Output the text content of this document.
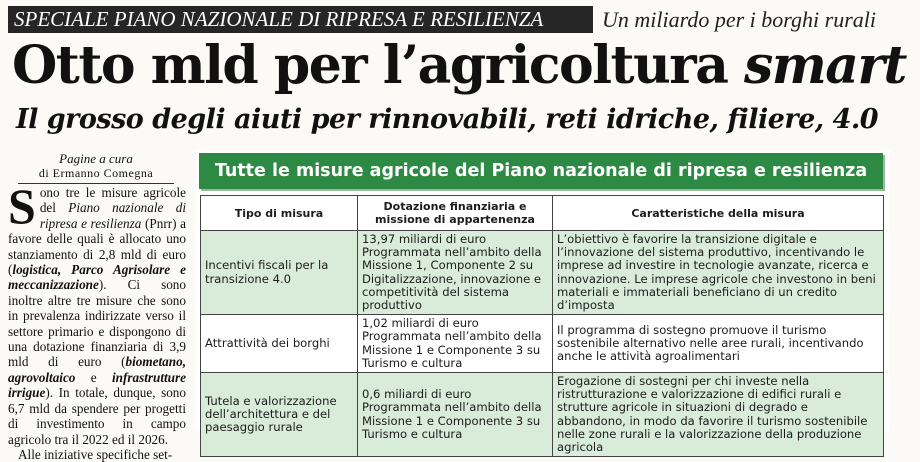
SPECIALE PIANO NAZIONALE DI RIPRESA E RESILIENZA	Un miliardo per i borghi rurali
Otto mld per l’agricoltura smart
Il grosso degli aiuti per rinnovabili, reti idriche, filiere, 4.0
Pagine a cura
di Ermanno Comegna

Sono tre le misure agricole del Piano nazionale di ripresa e resilienza (Pnrr) a favore delle quali è allocato uno stanziamento di 2,8 mld di euro (logistica, Parco Agrisolare e meccanizzazione). Ci sono inoltre altre tre misure che sono in prevalenza indirizzate verso il settore primario e dispongono di una dotazione finanziaria di 3,9 mld di euro (biometano, agrovoltaico e infrastrutture irrigue). In totale, dunque, sono 6,7 mld da spendere per progetti di investimento in campo agricolo tra il 2022 ed il 2026.

Alle iniziative specifiche set-

Tutte le misure agricole del Piano nazionale di ripresa e resilienza
Tipo di misura	Dotazione finanziaria e missione di appartenenza	Caratteristiche della misura
Incentivi fiscali per la transizione 4.0	13,97 miliardi di euro Programmata nell’ambito della Missione 1, Componente 2 su Digitalizzazione, innovazione e competitività del sistema produttivo	L’obiettivo è favorire la transizione digitale e l’innovazione del sistema produttivo, incentivando le imprese ad investire in tecnologie avanzate, ricerca e innovazione. Le imprese agricole che investono in beni materiali e immateriali beneficiano di un credito d’imposta
Attrattività dei borghi	1,02 miliardi di euro Programmata nell’ambito della Missione 1 e Componente 3 su Turismo e cultura	Il programma di sostegno promuove il turismo sostenibile alternativo nelle aree rurali, incentivando anche le attività agroalimentari
Tutela e valorizzazione dell’architettura e del paesaggio rurale	0,6 miliardi di euro Programmata nell’ambito della Missione 1 e Componente 3 su Turismo e cultura	Erogazione di sostegni per chi investe nella ristrutturazione e valorizzazione di edifici rurali e strutture agricole in situazioni di degrado e abbandono, in modo da favorire il turismo sostenibile nelle zone rurali e la valorizzazione della produzione agricola
